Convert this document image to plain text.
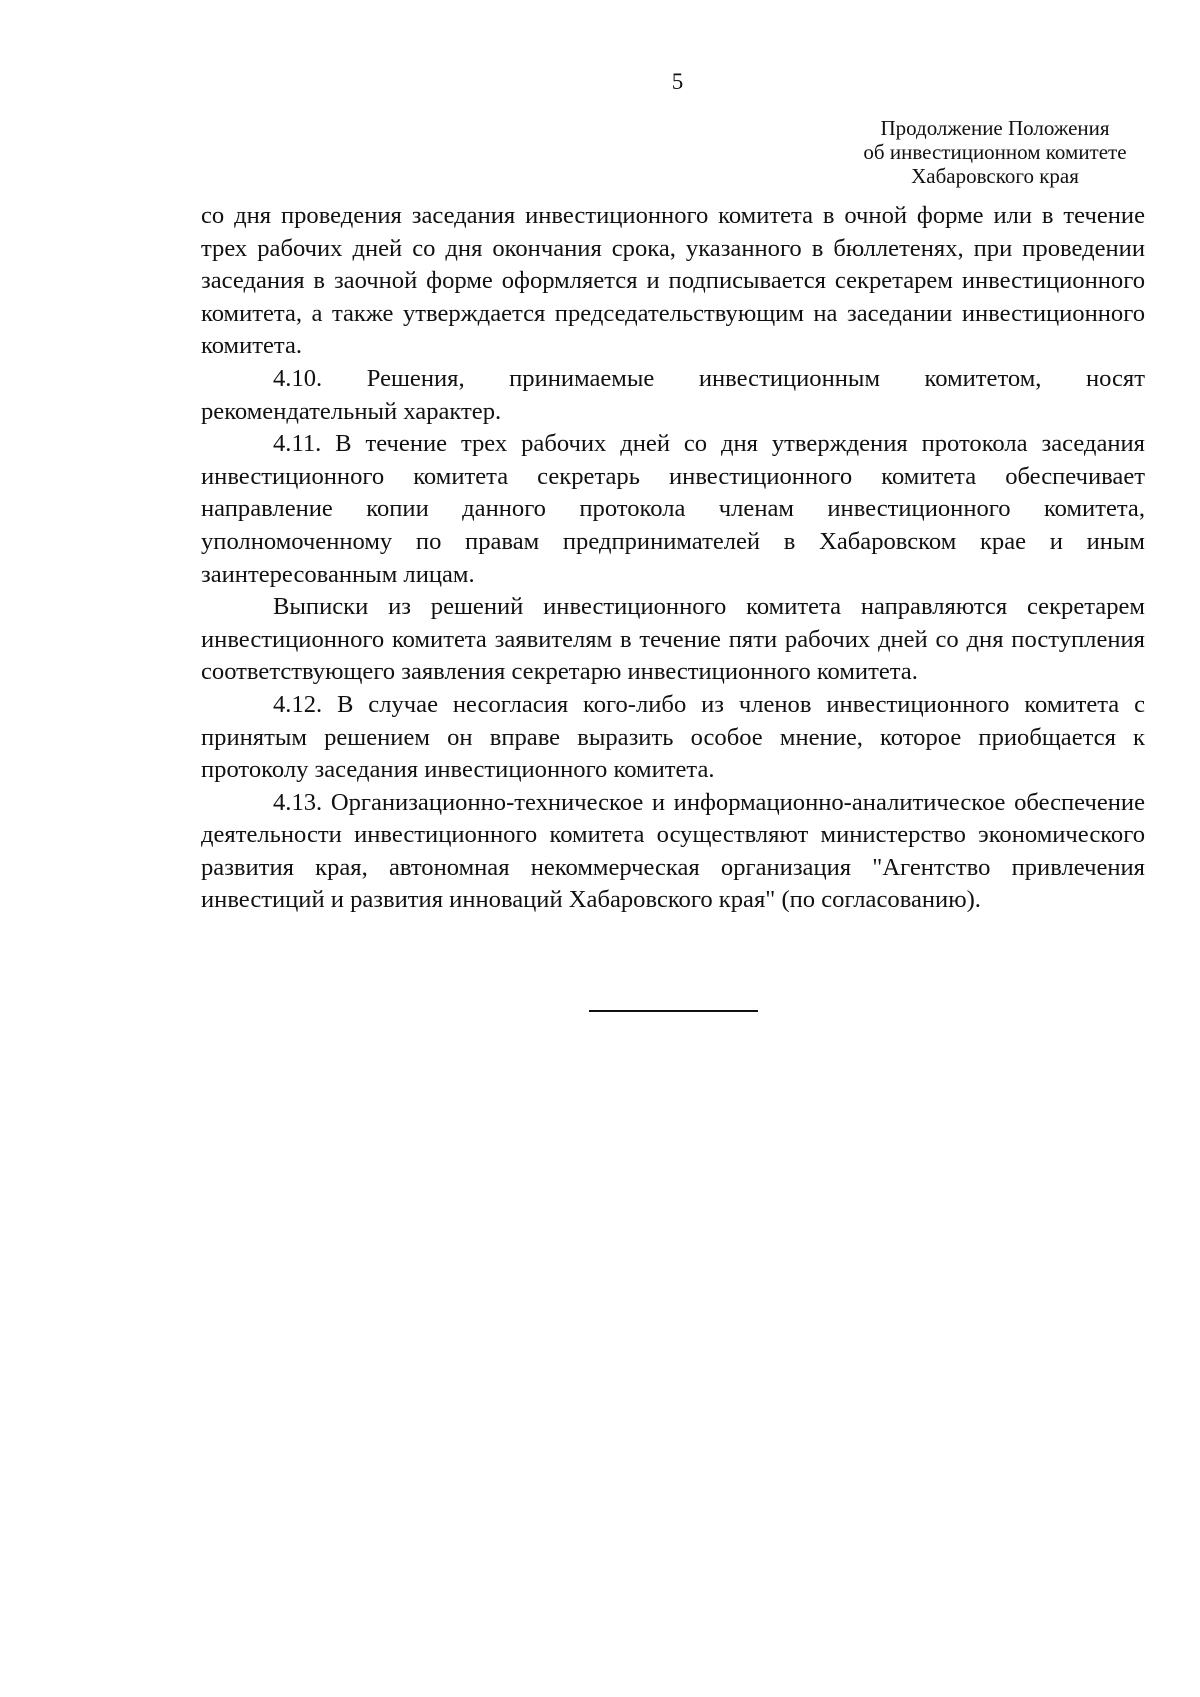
5
Продолжение Положения
об инвестиционном комитете
Хабаровского края

со дня проведения заседания инвестиционного комитета в очной форме или в течение трех рабочих дней со дня окончания срока, указанного в бюллетенях, при проведении заседания в заочной форме оформляется и подписывается секретарем инвестиционного комитета, а также утверждается председательствующим на заседании инвестиционного комитета.

4.10. Решения, принимаемые инвестиционным комитетом, носят рекомендательный характер.

4.11. В течение трех рабочих дней со дня утверждения протокола заседания инвестиционного комитета секретарь инвестиционного комитета обеспечивает направление копии данного протокола членам инвестиционного комитета, уполномоченному по правам предпринимателей в Хабаровском крае и иным заинтересованным лицам.

Выписки из решений инвестиционного комитета направляются секретарем инвестиционного комитета заявителям в течение пяти рабочих дней со дня поступления соответствующего заявления секретарю инвестиционного комитета.

4.12. В случае несогласия кого-либо из членов инвестиционного комитета с принятым решением он вправе выразить особое мнение, которое приобщается к протоколу заседания инвестиционного комитета.

4.13. Организационно-техническое и информационно-аналитическое обеспечение деятельности инвестиционного комитета осуществляют министерство экономического развития края, автономная некоммерческая организация "Агентство привлечения инвестиций и развития инноваций Хабаровского края" (по согласованию).
